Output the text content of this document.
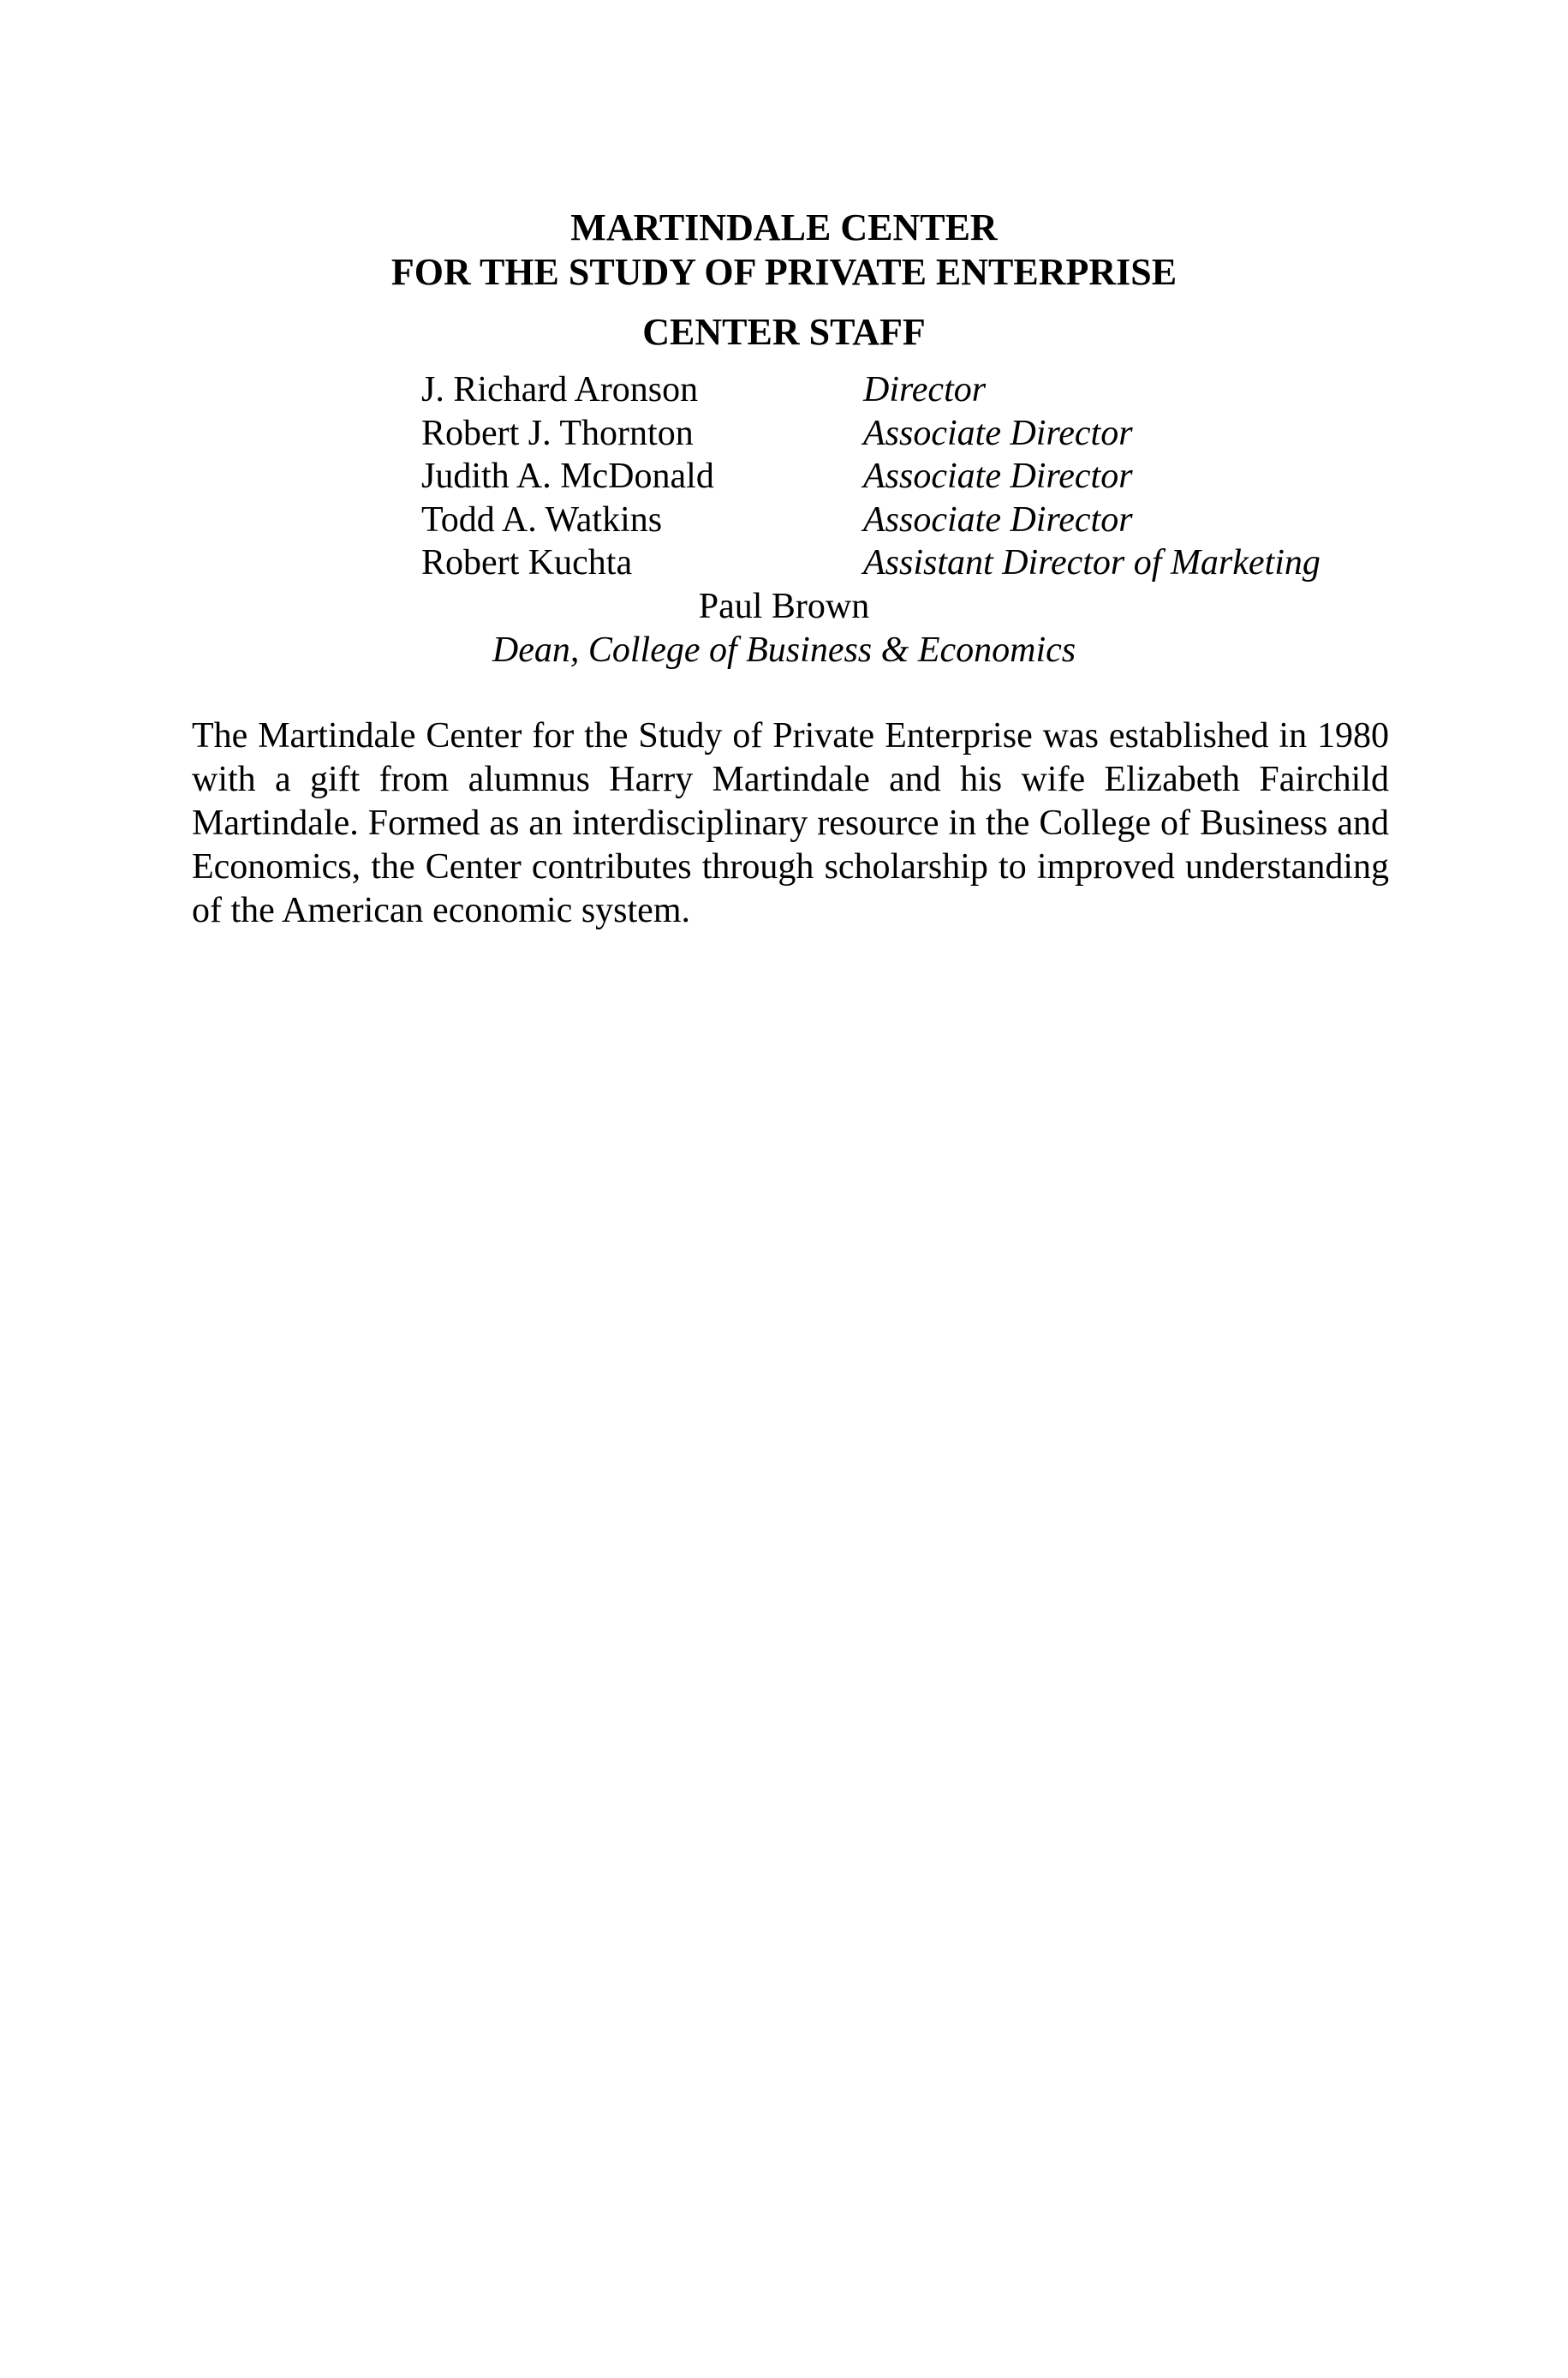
MARTINDALE CENTER

FOR THE STUDY OF PRIVATE ENTERPRISE

CENTER STAFF

J. Richard Aronson	Director
Robert J. Thornton	Associate Director
Judith A. McDonald	Associate Director
Todd A. Watkins	Associate Director
Robert Kuchta	Assistant Director of Marketing
Paul Brown
Dean, College of Business & Economics

The Martindale Center for the Study of Private Enterprise was established in 1980 with a gift from alumnus Harry Martindale and his wife Elizabeth Fairchild Martindale. Formed as an interdisciplinary resource in the College of Business and Economics, the Center contributes through scholarship to improved understanding of the American economic system.
